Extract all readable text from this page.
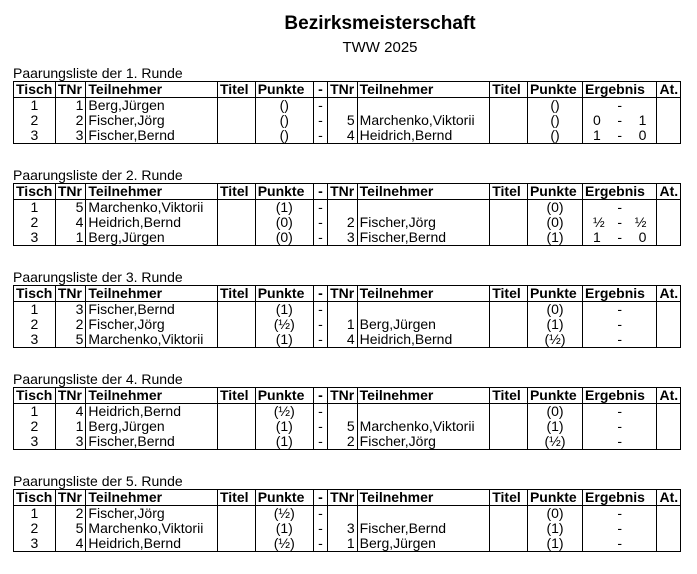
Bezirksmeisterschaft
TWW 2025
Paarungsliste der 1. Runde
Tisch	TNr	Teilnehmer	Titel	Punkte	-	TNr	Teilnehmer	Titel	Punkte	Ergebnis	At.
1	1	Berg,Jürgen		()	-				()	-	

2	2	Fischer,Jörg		()	-	5	Marchenko,Viktorii		()	0 - 1	

3	3	Fischer,Bernd		()	-	4	Heidrich,Bernd		()	1 - 0	

Paarungsliste der 2. Runde
Tisch	TNr	Teilnehmer	Titel	Punkte	-	TNr	Teilnehmer	Titel	Punkte	Ergebnis	At.
1	5	Marchenko,Viktorii		(1)	-				(0)	-	

2	4	Heidrich,Bernd		(0)	-	2	Fischer,Jörg		(0)	½ - ½	

3	1	Berg,Jürgen		(0)	-	3	Fischer,Bernd		(1)	1 - 0	

Paarungsliste der 3. Runde
Tisch	TNr	Teilnehmer	Titel	Punkte	-	TNr	Teilnehmer	Titel	Punkte	Ergebnis	At.
1	3	Fischer,Bernd		(1)	-				(0)	-	

2	2	Fischer,Jörg		(½)	-	1	Berg,Jürgen		(1)	-	

3	5	Marchenko,Viktorii		(1)	-	4	Heidrich,Bernd		(½)	-	

Paarungsliste der 4. Runde
Tisch	TNr	Teilnehmer	Titel	Punkte	-	TNr	Teilnehmer	Titel	Punkte	Ergebnis	At.
1	4	Heidrich,Bernd		(½)	-				(0)	-	

2	1	Berg,Jürgen		(1)	-	5	Marchenko,Viktorii		(1)	-	

3	3	Fischer,Bernd		(1)	-	2	Fischer,Jörg		(½)	-	

Paarungsliste der 5. Runde
Tisch	TNr	Teilnehmer	Titel	Punkte	-	TNr	Teilnehmer	Titel	Punkte	Ergebnis	At.
1	2	Fischer,Jörg		(½)	-				(0)	-	

2	5	Marchenko,Viktorii		(1)	-	3	Fischer,Bernd		(1)	-	

3	4	Heidrich,Bernd		(½)	-	1	Berg,Jürgen		(1)	-	
